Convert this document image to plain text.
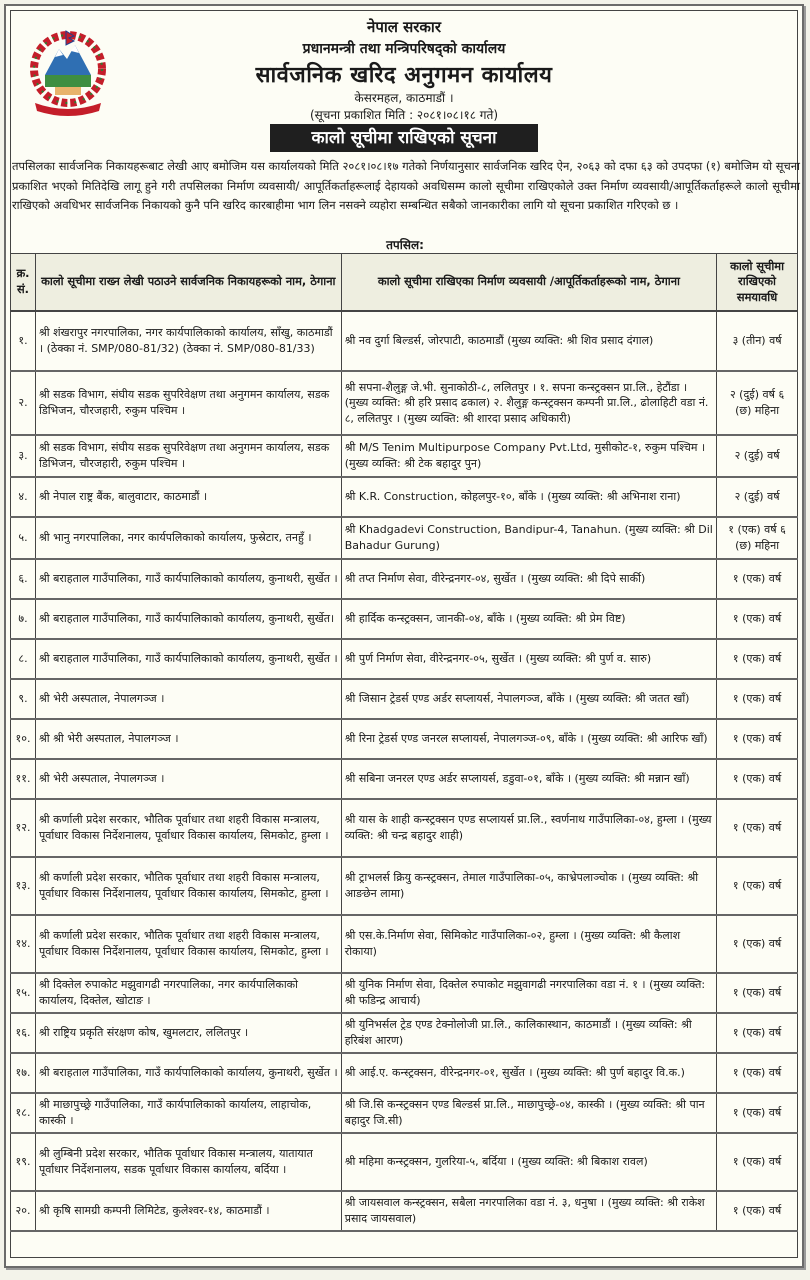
नेपाल सरकार
प्रधानमन्त्री तथा मन्त्रिपरिषद्को कार्यालय
सार्वजनिक खरिद अनुगमन कार्यालय
केसरमहल, काठमाडौं ।
(सूचना प्रकाशित मिति : २०८१।०८।१८ गते)
कालो सूचीमा राखिएको सूचना
तपसिलका सार्वजनिक निकायहरूबाट लेखी आए बमोजिम यस कार्यालयको मिति २०८१।०८।१७ गतेको निर्णयानुसार सार्वजनिक खरिद ऐन, २०६३ को दफा ६३ को उपदफा (१) बमोजिम यो सूचना प्रकाशित भएको मितिदेखि लागू हुने गरी तपसिलका निर्माण व्यवसायी/ आपूर्तिकर्ताहरूलाई देहायको अवधिसम्म कालो सूचीमा राखिएकोले उक्त निर्माण व्यवसायी/आपूर्तिकर्ताहरूले कालो सूचीमा राखिएको अवधिभर सार्वजनिक निकायको कुनै पनि खरिद कारबाहीमा भाग लिन नसक्ने व्यहोरा सम्बन्धित सबैको जानकारीका लागि यो सूचना प्रकाशित गरिएको छ ।
तपसिल:
क्र. सं.	कालो सूचीमा राख्न लेखी पठाउने सार्वजनिक निकायहरूको नाम, ठेगाना	कालो सूचीमा राखिएका निर्माण व्यवसायी /आपूर्तिकर्ताहरूको नाम, ठेगाना	कालो सूचीमा राखिएको समयावधि
१.	श्री शंखरापुर नगरपालिका, नगर कार्यपालिकाको कार्यालय, साँखु, काठमाडौं । (ठेक्का नं. SMP/080-81/32) (ठेक्का नं. SMP/080-81/33)	श्री नव दुर्गा बिल्डर्स, जोरपाटी, काठमाडौं (मुख्य व्यक्ति: श्री शिव प्रसाद दंगाल)	३ (तीन) वर्ष
२.	श्री सडक विभाग, संघीय सडक सुपरिवेक्षण तथा अनुगमन कार्यालय, सडक डिभिजन, चौरजहारी, रुकुम पश्चिम ।	श्री सपना-शैलुङ्ग जे.भी. सुनाकोठी-८, ललितपुर । १. सपना कन्स्ट्रक्सन प्रा.लि., हेटौंडा । (मुख्य व्यक्ति: श्री हरि प्रसाद ढकाल) २. शैलुङ्ग कन्स्ट्रक्सन कम्पनी प्रा.लि., ढोलाहिटी वडा नं. ८, ललितपुर । (मुख्य व्यक्ति: श्री शारदा प्रसाद अधिकारी)	२ (दुई) वर्ष ६ (छ) महिना
३.	श्री सडक विभाग, संघीय सडक सुपरिवेक्षण तथा अनुगमन कार्यालय, सडक डिभिजन, चौरजहारी, रुकुम पश्चिम ।	श्री M/S Tenim Multipurpose Company Pvt.Ltd, मुसीकोट-१, रुकुम पश्चिम । (मुख्य व्यक्ति: श्री टेक बहादुर पुन)	२ (दुई) वर्ष
४.	श्री नेपाल राष्ट्र बैंक, बालुवाटार, काठमाडौं ।	श्री K.R. Construction, कोहलपुर-१०, बाँके । (मुख्य व्यक्ति: श्री अभिनाश राना)	२ (दुई) वर्ष
५.	श्री भानु नगरपालिका, नगर कार्यपलिकाको कार्यालय, फुस्रेटार, तनहुँ ।	श्री Khadgadevi Construction, Bandipur-4, Tanahun. (मुख्य व्यक्ति: श्री Dil Bahadur Gurung)	१ (एक) वर्ष ६ (छ) महिना
६.	श्री बराहताल गाउँपालिका, गाउँ कार्यपालिकाको कार्यालय, कुनाथरी, सुर्खेत ।	श्री तप्त निर्माण सेवा, वीरेन्द्रनगर-०४, सुर्खेत । (मुख्य व्यक्ति: श्री दिपे सार्की)	१ (एक) वर्ष
७.	श्री बराहताल गाउँपालिका, गाउँ कार्यपालिकाको कार्यालय, कुनाथरी, सुर्खेत।	श्री हार्दिक कन्स्ट्रक्सन, जानकी-०४, बाँके । (मुख्य व्यक्ति: श्री प्रेम विष्ट)	१ (एक) वर्ष
८.	श्री बराहताल गाउँपालिका, गाउँ कार्यपालिकाको कार्यालय, कुनाथरी, सुर्खेत ।	श्री पुर्ण निर्माण सेवा, वीरेन्द्रनगर-०५, सुर्खेत । (मुख्य व्यक्ति: श्री पुर्ण व. सारु)	१ (एक) वर्ष
९.	श्री भेरी अस्पताल, नेपालगञ्ज ।	श्री जिसान ट्रेडर्स एण्ड अर्डर सप्लायर्स, नेपालगञ्ज, बाँके । (मुख्य व्यक्ति: श्री जतत खाँ)	१ (एक) वर्ष
१०.	श्री श्री भेरी अस्पताल, नेपालगञ्ज ।	श्री रिना ट्रेडर्स एण्ड जनरल सप्लायर्स, नेपालगञ्ज-०९, बाँके । (मुख्य व्यक्ति: श्री आरिफ खाँ)	१ (एक) वर्ष
११.	श्री भेरी अस्पताल, नेपालगञ्ज ।	श्री सबिना जनरल एण्ड अर्डर सप्लायर्स, डडुवा-०१, बाँके । (मुख्य व्यक्ति: श्री मन्नान खाँ)	१ (एक) वर्ष
१२.	श्री कर्णाली प्रदेश सरकार, भौतिक पूर्वाधार तथा शहरी विकास मन्त्रालय, पूर्वाधार विकास निर्देशनालय, पूर्वाधार विकास कार्यालय, सिमकोट, हुम्ला ।	श्री यास के शाही कन्स्ट्रक्सन एण्ड सप्लायर्स प्रा.लि., स्वर्णनाथ गाउँपालिका-०४, हुम्ला । (मुख्य व्यक्ति: श्री चन्द्र बहादुर शाही)	१ (एक) वर्ष
१३.	श्री कर्णाली प्रदेश सरकार, भौतिक पूर्वाधार तथा शहरी विकास मन्त्रालय, पूर्वाधार विकास निर्देशनालय, पूर्वाधार विकास कार्यालय, सिमकोट, हुम्ला ।	श्री ट्राभलर्स क्रियु कन्स्ट्रक्सन, तेमाल गाउँपालिका-०५, काभ्रेपलाञ्चोक । (मुख्य व्यक्ति: श्री आङछेन लामा)	१ (एक) वर्ष
१४.	श्री कर्णाली प्रदेश सरकार, भौतिक पूर्वाधार तथा शहरी विकास मन्त्रालय, पूर्वाधार विकास निर्देशनालय, पूर्वाधार विकास कार्यालय, सिमकोट, हुम्ला ।	श्री एस.के.निर्माण सेवा, सिमिकोट गाउँपालिका-०२, हुम्ला । (मुख्य व्यक्ति: श्री कैलाश रोकाया)	१ (एक) वर्ष
१५.	श्री दिक्तेल रुपाकोट मझुवागढी नगरपालिका, नगर कार्यपालिकाको कार्यालय, दिक्तेल, खोटाङ ।	श्री युनिक निर्माण सेवा, दिक्तेल रुपाकोट मझुवागढी नगरपालिका वडा नं. १ । (मुख्य व्यक्ति: श्री फडिन्द्र आचार्य)	१ (एक) वर्ष
१६.	श्री राष्ट्रिय प्रकृति संरक्षण कोष, खुमलटार, ललितपुर ।	श्री युनिभर्सल ट्रेड एण्ड टेक्नोलोजी प्रा.लि., कालिकास्थान, काठमाडौं । (मुख्य व्यक्ति: श्री हरिबंश आरण)	१ (एक) वर्ष
१७.	श्री बराहताल गाउँपालिका, गाउँ कार्यपालिकाको कार्यालय, कुनाथरी, सुर्खेत ।	श्री आई.ए. कन्स्ट्रक्सन, वीरेन्द्रनगर-०१, सुर्खेत । (मुख्य व्यक्ति: श्री पुर्ण बहादुर वि.क.)	१ (एक) वर्ष
१८.	श्री माछापुच्छ्रे गाउँपालिका, गाउँ कार्यपालिकाको कार्यालय, लाहाचोक, कास्की ।	श्री जि.सि कन्स्ट्रक्सन एण्ड बिल्डर्स प्रा.लि., माछापुच्छ्रे-०४, कास्की । (मुख्य व्यक्ति: श्री पान बहादुर जि.सी)	१ (एक) वर्ष
१९.	श्री लुम्बिनी प्रदेश सरकार, भौतिक पूर्वाधार विकास मन्त्रालय, यातायात पूर्वाधार निर्देशनालय, सडक पूर्वाधार विकास कार्यालय, बर्दिया ।	श्री महिमा कन्स्ट्रक्सन, गुलरिया-५, बर्दिया । (मुख्य व्यक्ति: श्री बिकाश रावल)	१ (एक) वर्ष
२०.	श्री कृषि सामग्री कम्पनी लिमिटेड, कुलेश्वर-१४, काठमाडौं ।	श्री जायसवाल कन्स्ट्रक्सन, सबैला नगरपालिका वडा नं. ३, धनुषा । (मुख्य व्यक्ति: श्री राकेश प्रसाद जायसवाल)	१ (एक) वर्ष
